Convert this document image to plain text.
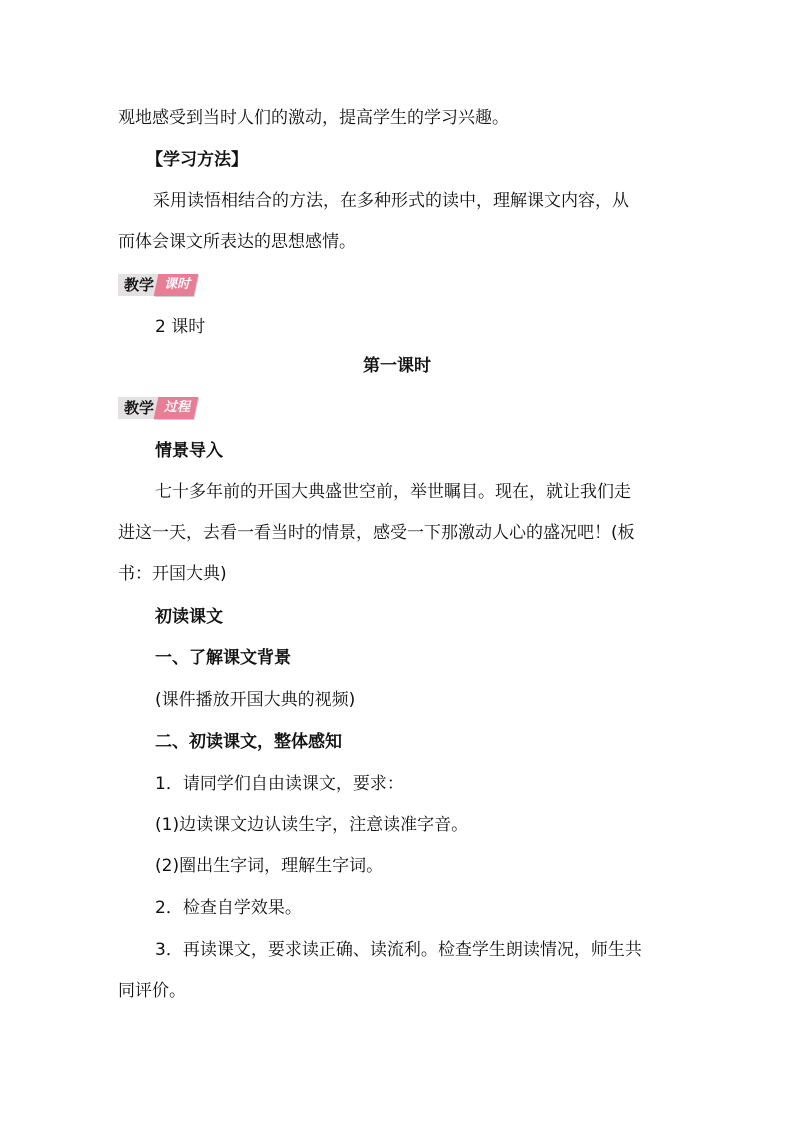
观地感受到当时人们的激动，提高学生的学习兴趣。
【学习方法】
采用读悟相结合的方法，在多种形式的读中，理解课文内容，从
而体会课文所表达的思想感情。
教学 课时
2 课时
第一课时
教学 过程
情景导入
七十多年前的开国大典盛世空前，举世瞩目。现在，就让我们走
进这一天，去看一看当时的情景，感受一下那激动人心的盛况吧！(板
书：开国大典)
初读课文
一、了解课文背景
(课件播放开国大典的视频)
二、初读课文，整体感知
1．请同学们自由读课文，要求：
(1)边读课文边认读生字，注意读准字音。
(2)圈出生字词，理解生字词。
2．检查自学效果。
3．再读课文，要求读正确、读流利。检查学生朗读情况，师生共
同评价。
